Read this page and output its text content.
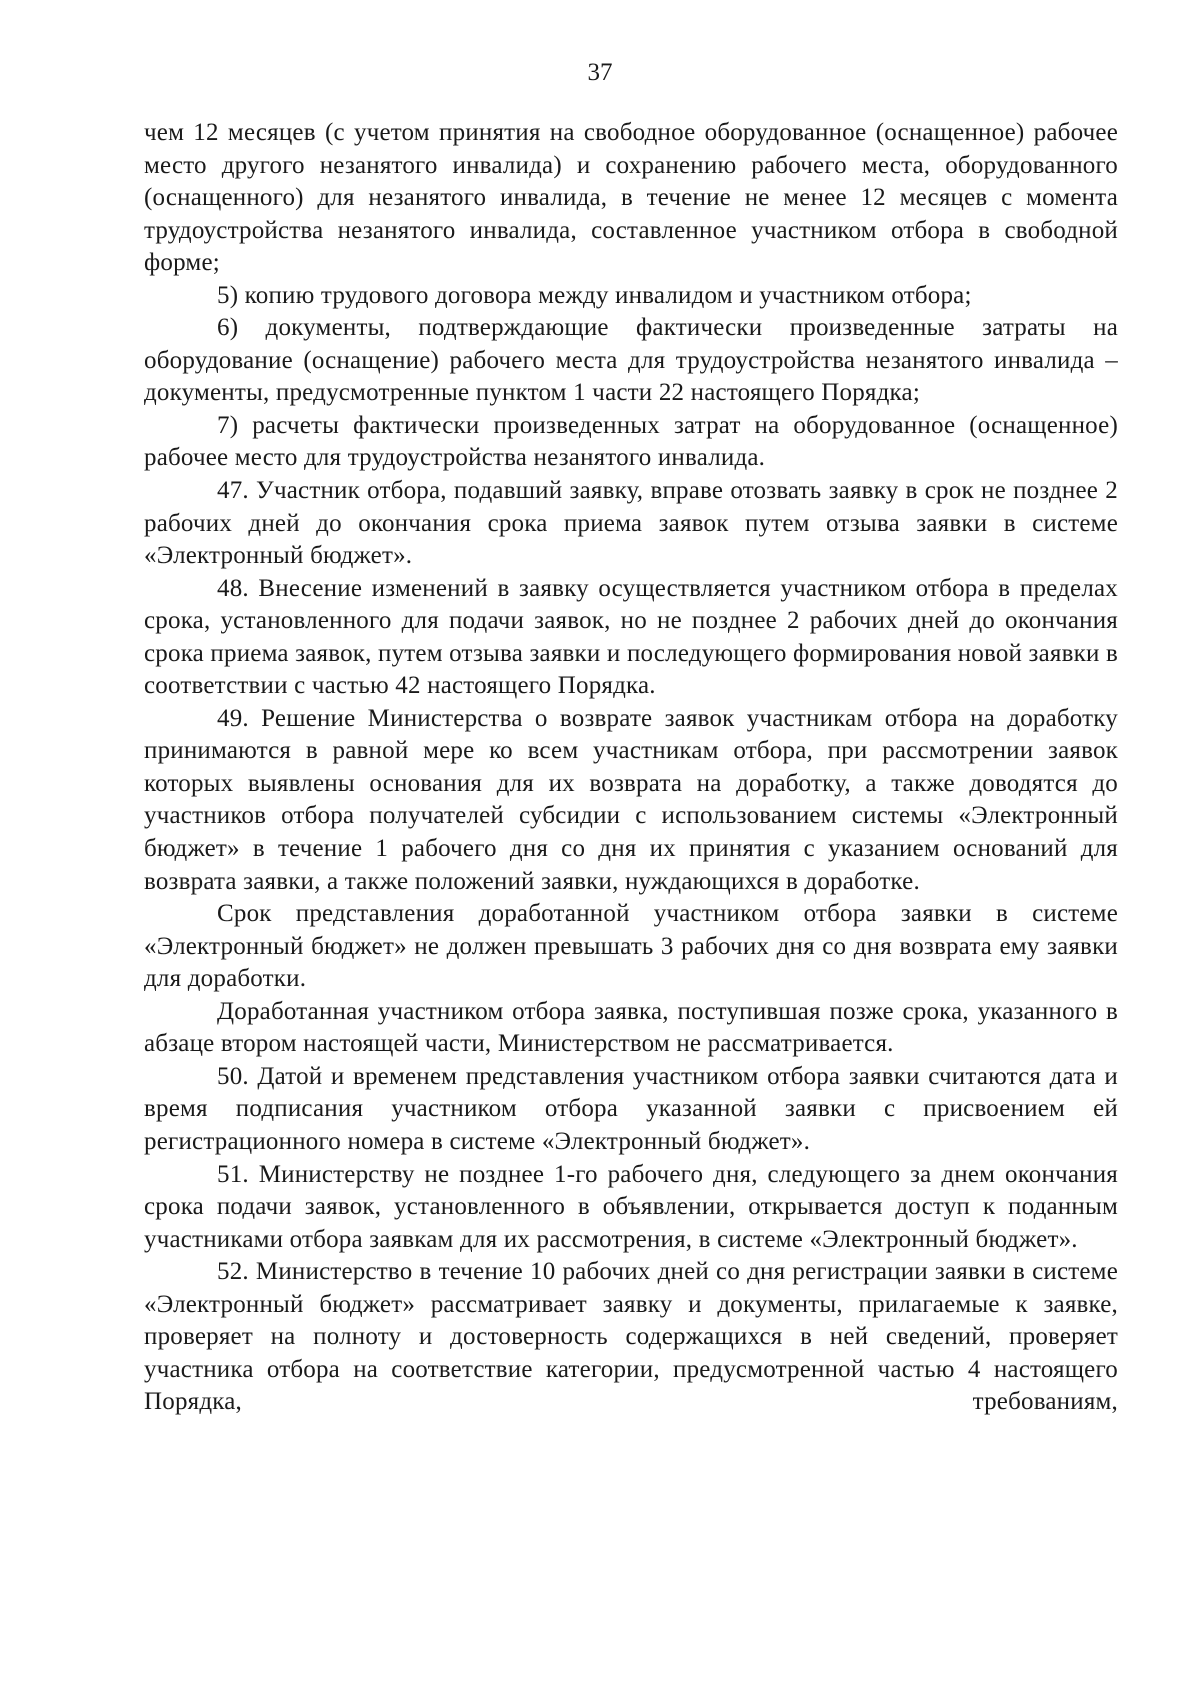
37

чем 12 месяцев (с учетом принятия на свободное оборудованное (оснащенное) рабочее место другого незанятого инвалида) и сохранению рабочего места, оборудованного (оснащенного) для незанятого инвалида, в течение не менее 12 месяцев с момента трудоустройства незанятого инвалида, составленное участником отбора в свободной форме;

5) копию трудового договора между инвалидом и участником отбора;

6) документы, подтверждающие фактически произведенные затраты на оборудование (оснащение) рабочего места для трудоустройства незанятого инвалида – документы, предусмотренные пунктом 1 части 22 настоящего Порядка;

7) расчеты фактически произведенных затрат на оборудованное (оснащенное) рабочее место для трудоустройства незанятого инвалида.

47. Участник отбора, подавший заявку, вправе отозвать заявку в срок не позднее 2 рабочих дней до окончания срока приема заявок путем отзыва заявки в системе «Электронный бюджет».

48. Внесение изменений в заявку осуществляется участником отбора в пределах срока, установленного для подачи заявок, но не позднее 2 рабочих дней до окончания срока приема заявок, путем отзыва заявки и последующего формирования новой заявки в соответствии с частью 42 настоящего Порядка.

49. Решение Министерства о возврате заявок участникам отбора на доработку принимаются в равной мере ко всем участникам отбора, при рассмотрении заявок которых выявлены основания для их возврата на доработку, а также доводятся до участников отбора получателей субсидии с использованием системы «Электронный бюджет» в течение 1 рабочего дня со дня их принятия с указанием оснований для возврата заявки, а также положений заявки, нуждающихся в доработке.

Срок представления доработанной участником отбора заявки в системе «Электронный бюджет» не должен превышать 3 рабочих дня со дня возврата ему заявки для доработки.

Доработанная участником отбора заявка, поступившая позже срока, указанного в абзаце втором настоящей части, Министерством не рассматривается.

50. Датой и временем представления участником отбора заявки считаются дата и время подписания участником отбора указанной заявки с присвоением ей регистрационного номера в системе «Электронный бюджет».

51. Министерству не позднее 1-го рабочего дня, следующего за днем окончания срока подачи заявок, установленного в объявлении, открывается доступ к поданным участниками отбора заявкам для их рассмотрения, в системе «Электронный бюджет».

52. Министерство в течение 10 рабочих дней со дня регистрации заявки в системе «Электронный бюджет» рассматривает заявку и документы, прилагаемые к заявке, проверяет на полноту и достоверность содержащихся в ней сведений, проверяет участника отбора на соответствие категории, предусмотренной частью 4 настоящего Порядка, требованиям,
